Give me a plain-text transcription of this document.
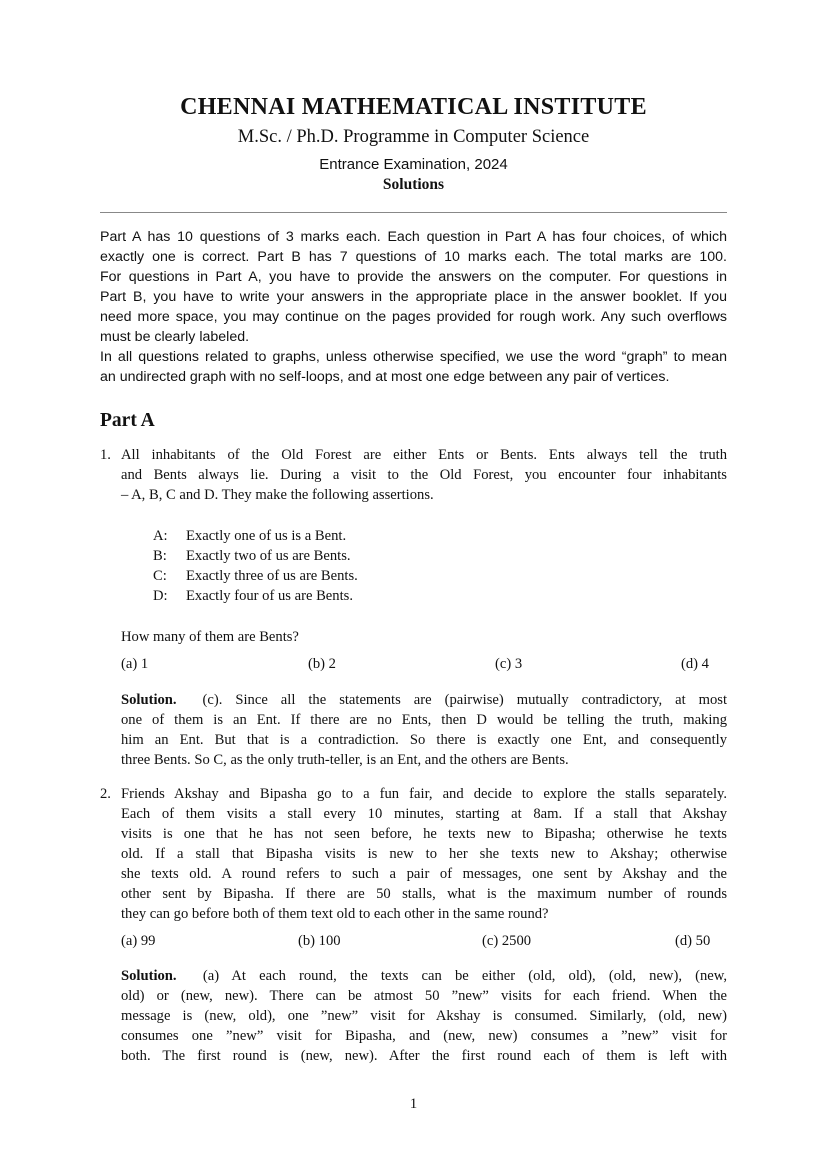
CHENNAI MATHEMATICAL INSTITUTE
M.Sc. / Ph.D. Programme in Computer Science
Entrance Examination, 2024
Solutions
Part A has 10 questions of 3 marks each. Each question in Part A has four choices, of which
exactly one is correct. Part B has 7 questions of 10 marks each. The total marks are 100.
For questions in Part A, you have to provide the answers on the computer. For questions in
Part B, you have to write your answers in the appropriate place in the answer booklet. If you
need more space, you may continue on the pages provided for rough work. Any such overflows
must be clearly labeled.
In all questions related to graphs, unless otherwise specified, we use the word “graph” to mean
an undirected graph with no self-loops, and at most one edge between any pair of vertices.
Part A
1. All inhabitants of the Old Forest are either Ents or Bents. Ents always tell the truth
and Bents always lie. During a visit to the Old Forest, you encounter four inhabitants
– A, B, C and D. They make the following assertions.
A: Exactly one of us is a Bent.
B: Exactly two of us are Bents.
C: Exactly three of us are Bents.
D: Exactly four of us are Bents.
How many of them are Bents?
(a) 1	(b) 2	(c) 3	(d) 4
Solution. (c). Since all the statements are (pairwise) mutually contradictory, at most
one of them is an Ent. If there are no Ents, then D would be telling the truth, making
him an Ent. But that is a contradiction. So there is exactly one Ent, and consequently
three Bents. So C, as the only truth-teller, is an Ent, and the others are Bents.
2. Friends Akshay and Bipasha go to a fun fair, and decide to explore the stalls separately.
Each of them visits a stall every 10 minutes, starting at 8am. If a stall that Akshay
visits is one that he has not seen before, he texts new to Bipasha; otherwise he texts
old. If a stall that Bipasha visits is new to her she texts new to Akshay; otherwise
she texts old. A round refers to such a pair of messages, one sent by Akshay and the
other sent by Bipasha. If there are 50 stalls, what is the maximum number of rounds
they can go before both of them text old to each other in the same round?
(a) 99	(b) 100	(c) 2500	(d) 50
Solution. (a) At each round, the texts can be either (old, old), (old, new), (new,
old) or (new, new). There can be atmost 50 ”new” visits for each friend. When the
message is (new, old), one ”new” visit for Akshay is consumed. Similarly, (old, new)
consumes one ”new” visit for Bipasha, and (new, new) consumes a ”new” visit for
both. The first round is (new, new). After the first round each of them is left with
1
